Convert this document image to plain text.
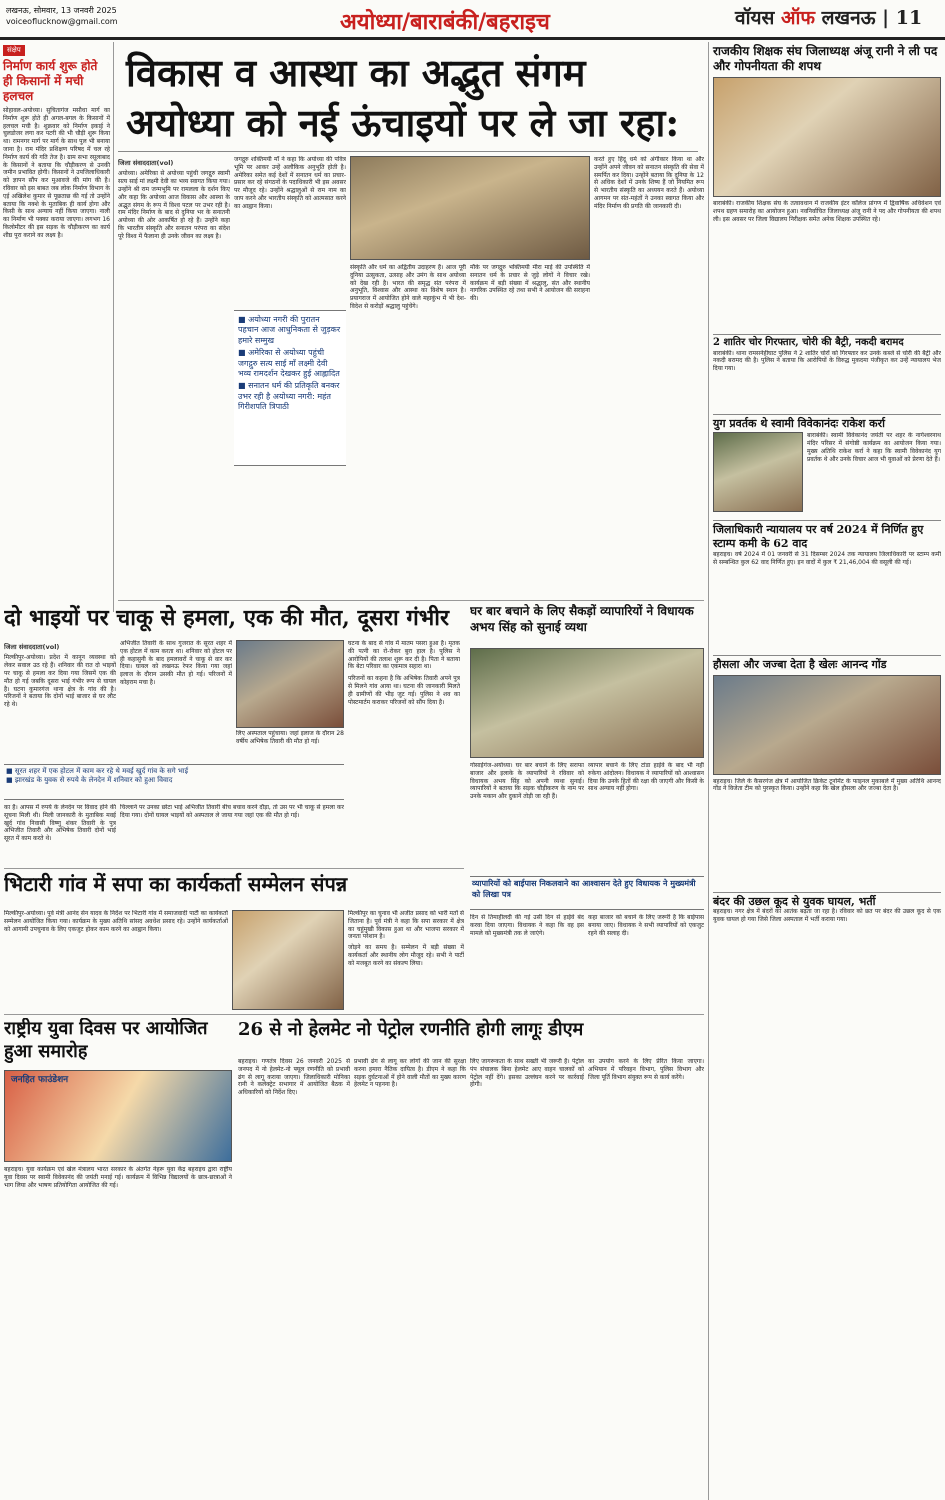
लखनऊ, सोमवार, 13 जनवरी 2025
voiceoflucknow@gmail.com	अयोध्या/बाराबंकी/बहराइच	वॉयस ऑफ लखनऊ | 11
संक्षेप
निर्माण कार्य शुरू होते ही किसानों में मची हलचल
सोहावल-अयोध्या। सुचितागंज मसौधा मार्ग का निर्माण शुरू होते ही अगल-बगल के किसानों में हलचल मची है। शुक्रवार को निर्माण इकाई ने चुलडोजर लगा कर पटरी की भी चौड़ी शुरू किया था। रामनगर मार्ग पर मार्ग के साथ पुल भी बनाया जाना है। राम मंदिर प्रशिक्षण परिषद में चल रहे निर्माण कार्य की गति तेज है। ग्राम सभा रसूलाबाद के किसानों ने बताया कि चौड़ीकरण से उनकी जमीन प्रभावित होगी। किसानों ने उपजिलाधिकारी को ज्ञापन सौंप कर मुआवजे की मांग की है। रविवार को इस बाबत जब लोक निर्माण विभाग के एई अखिलेश कुमार से पूछताछ की गई तो उन्होंने बताया कि नक्शे के मुताबिक ही कार्य होगा और किसी के साथ अन्याय नहीं किया जाएगा। नाली का निर्माण भी पक्का कराया जाएगा। लगभग 16 किलोमीटर की इस सड़क के चौड़ीकरण का कार्य शीघ्र पूरा कराने का लक्ष्य है।
विकास व आस्था का अद्भुत संगम अयोध्या को नई ऊंचाइयों पर ले जा रहा:
जिला संवाददाता(vol)
अयोध्या। अमेरिका से अयोध्या पहुंची जगद्गुरु स्वामी सत्य साई मां लक्ष्मी देवी का भव्य स्वागत किया गया। उन्होंने श्री राम जन्मभूमि पर रामलला के दर्शन किए और कहा कि अयोध्या आज विकास और आस्था के अद्भुत संगम के रूप में विश्व पटल पर उभर रही है। राम मंदिर निर्माण के बाद से दुनिया भर के सनातनी अयोध्या की ओर आकर्षित हो रहे हैं। उन्होंने कहा कि भारतीय संस्कृति और सनातन परंपरा का संदेश पूरे विश्व में फैलाना ही उनके जीवन का लक्ष्य है।
जगद्गुरु शक्तिमयी माँ ने कहा कि अयोध्या की पवित्र भूमि पर आकर उन्हें अलौकिक अनुभूति होती है। अमेरिका समेत कई देशों में सनातन धर्म का प्रचार-प्रसार कर रहे संगठनों के पदाधिकारी भी इस अवसर पर मौजूद रहे। उन्होंने श्रद्धालुओं से राम नाम का जाप करने और भारतीय संस्कृति को आत्मसात करने का आह्वान किया।
संस्कृति और धर्म का अद्वितीय उदाहरण है। आज पूरी दुनिया उत्सुकता, उत्साह और उमंग के साथ अयोध्या को देख रही है। भारत की समृद्ध संत परंपरा में अनुभूति, विश्वास और आस्था का विशेष स्थान है। प्रयागराज में आयोजित होने वाले महाकुंभ में भी देश-विदेश से करोड़ों श्रद्धालु पहुंचेंगे।
मौके पर जगद्गुरु भक्तिमयी मीरा माई की उपस्थिति में सनातन धर्म के प्रचार से जुड़े लोगों ने विचार रखे। कार्यक्रम में बड़ी संख्या में श्रद्धालु, संत और स्थानीय नागरिक उपस्थित रहे तथा सभी ने आयोजन की सराहना की।
करते हुए हिंदू धर्म को अंगीकार किया था और उन्होंने अपने जीवन को सनातन संस्कृति की सेवा में समर्पित कर दिया। उन्होंने बताया कि दुनिया के 12 से अधिक देशों में उनके शिष्य हैं जो नियमित रूप से भारतीय संस्कृति का अध्ययन करते हैं। अयोध्या आगमन पर संत-महंतों ने उनका स्वागत किया और मंदिर निर्माण की प्रगति की जानकारी दी।
■ अयोध्या नगरी की पुरातन पहचान आज आधुनिकता से जुड़कर हमारे सम्मुख
■ अमेरिका से अयोध्या पहुंची जगद्गुरु सत्य साई माँ लक्ष्मी देवी भव्य रामदर्शन देखकर हुई आह्लादित
■ सनातन धर्म की प्रतिकृति बनकर उभर रही है अयोध्या नगरी: महंत गिरीशपति त्रिपाठी
दो भाइयों पर चाकू से हमला, एक की मौत, दूसरा गंभीर
जिला संवाददाता(vol)
मिल्कीपुर-अयोध्या। प्रदेश में कानून व्यवस्था को लेकर सवाल उठ रहे हैं। शनिवार की रात दो भाइयों पर चाकू से हमला कर दिया गया जिसमें एक की मौत हो गई जबकि दूसरा भाई गंभीर रूप से घायल है। घटना कुमारगंज थाना क्षेत्र के गांव की है। परिजनों ने बताया कि दोनों भाई बाजार से घर लौट रहे थे।
अभिजीत तिवारी के साथ गुजरात के सूरत शहर में एक होटल में काम करता था। शनिवार को होटल पर ही कहासुनी के बाद हमलावरों ने चाकू से वार कर दिया। घायल को लखनऊ रेफर किया गया जहां इलाज के दौरान उसकी मौत हो गई। परिजनों में कोहराम मचा है।
लिए अस्पताल पहुंचाया। जहां इलाज के दौरान 28 वर्षीय अभिषेक तिवारी की मौत हो गई।
घटना के बाद से गांव में मातम पसरा हुआ है। मृतक की पत्नी का रो-रोकर बुरा हाल है। पुलिस ने आरोपियों की तलाश शुरू कर दी है। पिता ने बताया कि बेटा परिवार का एकमात्र सहारा था।
परिजनों का कहना है कि अभिषेक तिवारी अपने पुत्र से मिलने गांव आया था। घटना की जानकारी मिलते ही ग्रामीणों की भीड़ जुट गई। पुलिस ने शव का पोस्टमार्टम कराकर परिजनों को सौंप दिया है।
■ सूरत शहर में एक होटल में काम कर रहे थे मवई खुर्द गांव के सगे भाई
■ झारखंड के युवक से रुपये के लेनदेन में शनिवार को हुआ विवाद
का है। आपस में रुपये के लेनदेन पर विवाद होने की सूचना मिली थी। मिली जानकारी के मुताबिक मवई खुर्द गांव निवासी विष्णु शंकर तिवारी के पुत्र अभिजीत तिवारी और अभिषेक तिवारी दोनों भाई सूरत में काम करते थे।
चिल्लाने पर उनका छोटा भाई अभिजीत तिवारी बीच बचाव करने दौड़ा, तो उस पर भी चाकू से हमला कर दिया गया। दोनों घायल भाइयों को अस्पताल ले जाया गया जहां एक की मौत हो गई।
घर बार बचाने के लिए सैकड़ों व्यापारियों ने विधायक अभय सिंह को सुनाई व्यथा
गोसाईगंज-अयोध्या। घर बार बचाने के लिए सराफा बाजार और इलाके के व्यापारियों ने रविवार को विधायक अभय सिंह को अपनी व्यथा सुनाई। व्यापारियों ने बताया कि सड़क चौड़ीकरण के नाम पर उनके मकान और दुकानें तोड़ी जा रही हैं।
व्यापार बचाने के लिए टांडा हाईवे के बाद भी नहीं रुकेगा आंदोलन। विधायक ने व्यापारियों को आश्वासन दिया कि उनके हितों की रक्षा की जाएगी और किसी के साथ अन्याय नहीं होगा।
व्यापारियों को बाईपास निकलवाने का आश्वासन देते हुए विधायक ने मुख्यमंत्री को लिखा पत्र
दिन से तिमाहीलदी की गई उसी दिन से हाईवे बंद करवा दिया जाएगा। विधायक ने कहा कि वह इस मामले को मुख्यमंत्री तक ले जाएंगे।
कहा बाजार को बचाने के लिए जरूरी है कि बाईपास बनाया जाए। विधायक ने सभी व्यापारियों को एकजुट रहने की सलाह दी।
भिटारी गांव में सपा का कार्यकर्ता सम्मेलन संपन्न
मिल्कीपुर-अयोध्या। पूर्व मंत्री आनंद सेन यादव के निर्देश पर भिटारी गांव में समाजवादी पार्टी का कार्यकर्ता सम्मेलन आयोजित किया गया। कार्यक्रम के मुख्य अतिथि सांसद अवधेश प्रसाद रहे। उन्होंने कार्यकर्ताओं को आगामी उपचुनाव के लिए एकजुट होकर काम करने का आह्वान किया।
मिल्कीपुर का चुनाव भी अजीत प्रसाद को भारी मतों से जिताना है। पूर्व मंत्री ने कहा कि सपा सरकार में क्षेत्र का चहुंमुखी विकास हुआ था और भाजपा सरकार में जनता परेशान है।
जोड़ने का समय है। सम्मेलन में बड़ी संख्या में कार्यकर्ता और स्थानीय लोग मौजूद रहे। सभी ने पार्टी को मजबूत करने का संकल्प लिया।
राष्ट्रीय युवा दिवस पर आयोजित हुआ समारोह
जनहित फाउंडेशन
बहराइच। युवा कार्यक्रम एवं खेल मंत्रालय भारत सरकार के अंतर्गत नेहरू युवा केंद्र बहराइच द्वारा राष्ट्रीय युवा दिवस पर स्वामी विवेकानंद की जयंती मनाई गई। कार्यक्रम में विभिन्न विद्यालयों के छात्र-छात्राओं ने भाग लिया और भाषण प्रतियोगिता आयोजित की गई।
26 से नो हेलमेट नो पेट्रोल रणनीति होगी लागूः डीएम
बहराइच। गणतंत्र दिवस 26 जनवरी 2025 से जनपद में नो हेलमेट-नो फ्यूल रणनीति को प्रभावी ढंग से लागू कराया जाएगा। जिलाधिकारी मोनिका रानी ने कलेक्ट्रेट सभागार में आयोजित बैठक में अधिकारियों को निर्देश दिए।
प्रभावी ढंग से लागू कर लोगों की जान की सुरक्षा करना हमारा नैतिक दायित्व है। डीएम ने कहा कि सड़क दुर्घटनाओं में होने वाली मौतों का मुख्य कारण हेलमेट न पहनना है।
लिए जागरूकता के साथ सख्ती भी जरूरी है। पेट्रोल पंप संचालक बिना हेलमेट आए वाहन चालकों को पेट्रोल नहीं देंगे। इसका उल्लंघन करने पर कार्रवाई होगी।
का उपयोग करने के लिए प्रेरित किया जाएगा। अभियान में परिवहन विभाग, पुलिस विभाग और जिला पूर्ति विभाग संयुक्त रूप से कार्य करेंगे।
राजकीय शिक्षक संघ जिलाध्यक्ष अंजू रानी ने ली पद और गोपनीयता की शपथ
बाराबंकी। राजकीय शिक्षक संघ के तत्वावधान में राजकीय इंटर कॉलेज प्रांगण में द्विवार्षिक अधिवेशन एवं शपथ ग्रहण समारोह का आयोजन हुआ। नवनिर्वाचित जिलाध्यक्ष अंजू रानी ने पद और गोपनीयता की शपथ ली। इस अवसर पर जिला विद्यालय निरीक्षक समेत अनेक शिक्षक उपस्थित रहे।
2 शातिर चोर गिरफ्तार, चोरी की बैट्री, नकदी बरामद
बाराबंकी। थाना रामसनेहीघाट पुलिस ने 2 शातिर चोरों को गिरफ्तार कर उनके कब्जे से चोरी की बैट्री और नकदी बरामद की है। पुलिस ने बताया कि आरोपियों के विरुद्ध मुकदमा पंजीकृत कर उन्हें न्यायालय भेज दिया गया।
युग प्रवर्तक थे स्वामी विवेकानंदः राकेश कर्रा
बाराबंकी। स्वामी विवेकानंद जयंती पर शहर के नागेश्वरनाथ मंदिर परिसर में संगोष्ठी कार्यक्रम का आयोजन किया गया। मुख्य अतिथि राकेश कर्रा ने कहा कि स्वामी विवेकानंद युग प्रवर्तक थे और उनके विचार आज भी युवाओं को प्रेरणा देते हैं।
जिलाधिकारी न्यायालय पर वर्ष 2024 में निर्णित हुए स्टाम्प कमी के 62 वाद
बहराइच। वर्ष 2024 में 01 जनवरी से 31 दिसम्बर 2024 तक न्यायालय जिलाधिकारी पर स्टाम्प कमी से सम्बन्धित कुल 62 वाद निर्णित हुए। इन वादों में कुल ₹ 21,46,004 की वसूली की गई।
हौसला और जज्बा देता है खेलः आनन्द गोंड
बहराइच। जिले के कैसरगंज क्षेत्र में आयोजित क्रिकेट टूर्नामेंट के फाइनल मुकाबले में मुख्य अतिथि आनन्द गोंड ने विजेता टीम को पुरस्कृत किया। उन्होंने कहा कि खेल हौसला और जज्बा देता है।
बंदर की उछल कूद से युवक घायल, भर्ती
बहराइच। नगर क्षेत्र में बंदरों का आतंक बढ़ता जा रहा है। रविवार को छत पर बंदर की उछल कूद से एक युवक घायल हो गया जिसे जिला अस्पताल में भर्ती कराया गया।
